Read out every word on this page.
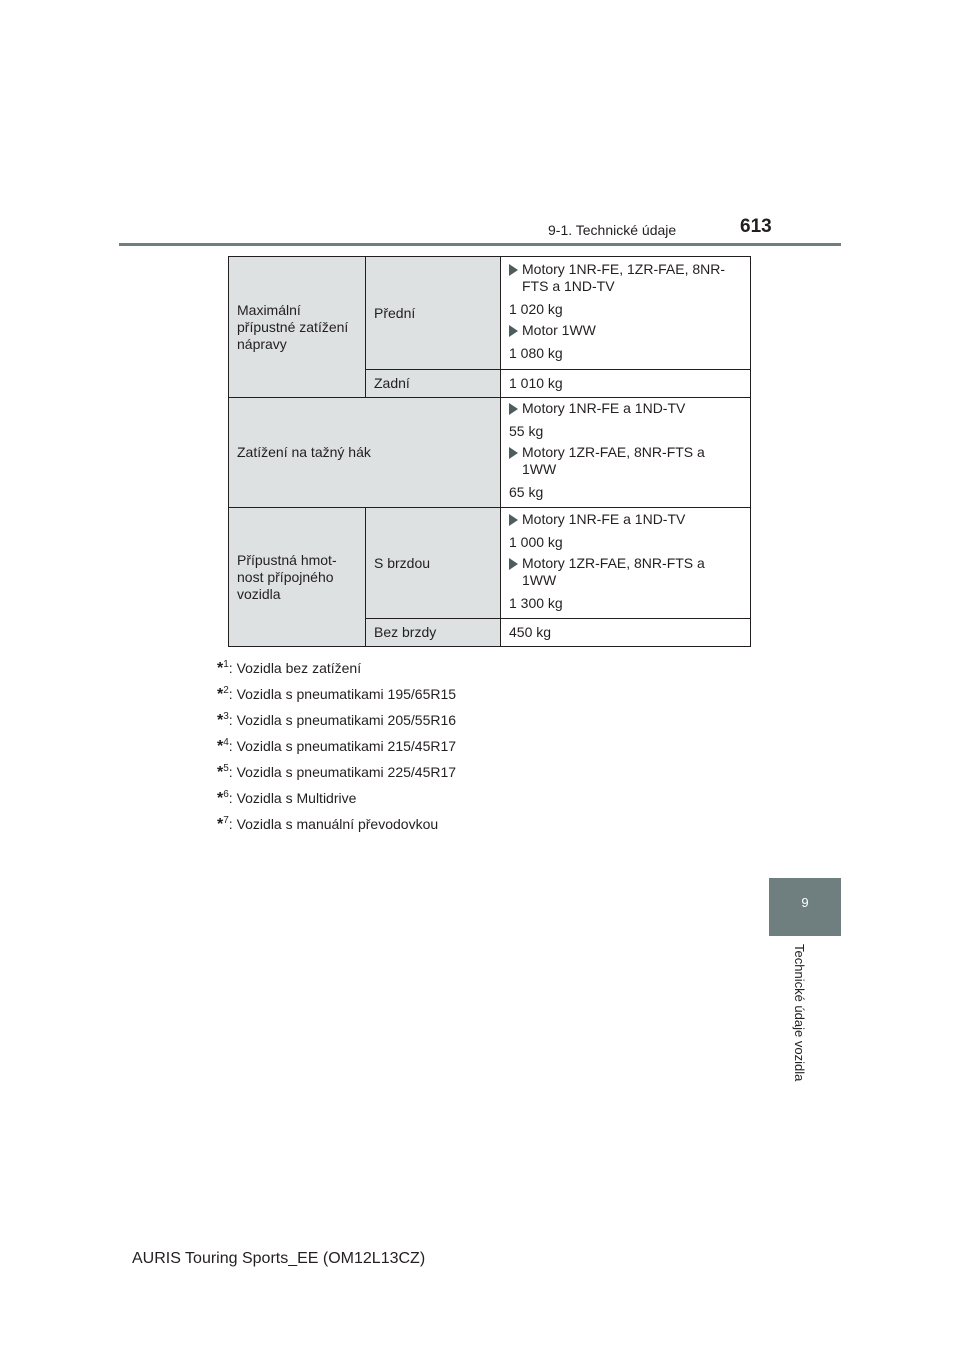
9-1. Technické údaje	613
Maximální přípustné zatížení nápravy	Přední	Motory 1NR-FE, 1ZR-FAE, 8NR-FTS a 1ND-TV
1 020 kg
Motor 1WW
1 080 kg

	Zadní	1 010 kg

Zatížení na tažný hák		Motory 1NR-FE a 1ND-TV
55 kg
Motory 1ZR-FAE, 8NR-FTS a 1WW
65 kg

Přípustná hmot-nost přípojného vozidla	S brzdou	Motory 1NR-FE a 1ND-TV
1 000 kg
Motory 1ZR-FAE, 8NR-FTS a 1WW
1 300 kg

	Bez brzdy	450 kg
*$^1$: Vozidla bez zatížení
*$^2$: Vozidla s pneumatikami 195/65R15
*$^3$: Vozidla s pneumatikami 205/55R16
*$^4$: Vozidla s pneumatikami 215/45R17
*$^5$: Vozidla s pneumatikami 225/45R17
*$^6$: Vozidla s Multidrive
*$^7$: Vozidla s manuální převodovkou
9
Technické údaje vozidla
AURIS Touring Sports_EE (OM12L13CZ)
